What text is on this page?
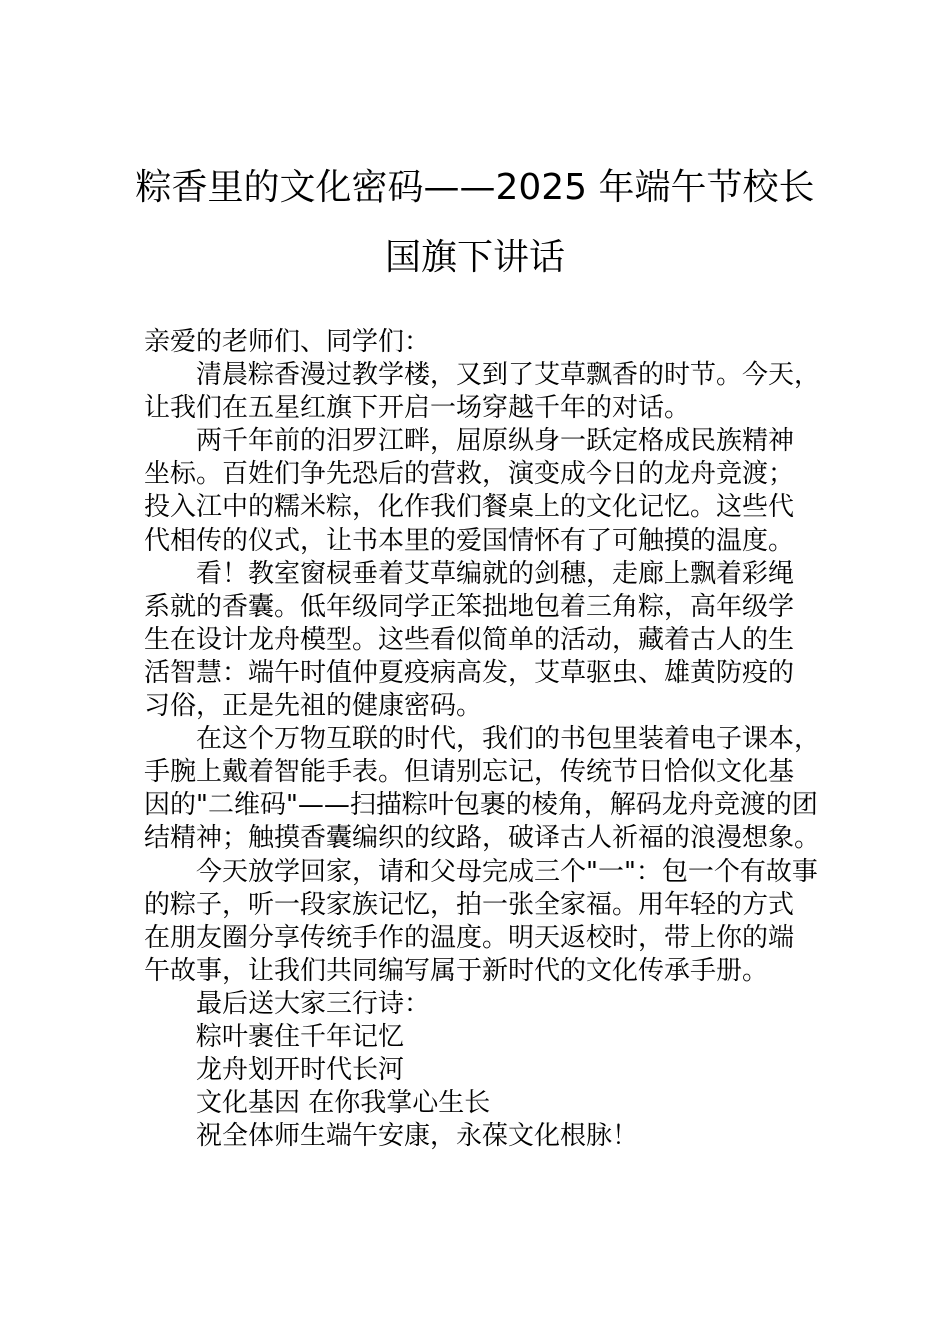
粽香里的文化密码——2025 年端午节校长
国旗下讲话

亲爱的老师们、同学们：

清晨粽香漫过教学楼，又到了艾草飘香的时节。今天，

让我们在五星红旗下开启一场穿越千年的对话。

两千年前的汨罗江畔，屈原纵身一跃定格成民族精神

坐标。百姓们争先恐后的营救，演变成今日的龙舟竞渡；

投入江中的糯米粽，化作我们餐桌上的文化记忆。这些代

代相传的仪式，让书本里的爱国情怀有了可触摸的温度。

看！教室窗棂垂着艾草编就的剑穗，走廊上飘着彩绳

系就的香囊。低年级同学正笨拙地包着三角粽，高年级学

生在设计龙舟模型。这些看似简单的活动，藏着古人的生

活智慧：端午时值仲夏疫病高发，艾草驱虫、雄黄防疫的

习俗，正是先祖的健康密码。

在这个万物互联的时代，我们的书包里装着电子课本，

手腕上戴着智能手表。但请别忘记，传统节日恰似文化基

因的"二维码"——扫描粽叶包裹的棱角，解码龙舟竞渡的团

结精神；触摸香囊编织的纹路，破译古人祈福的浪漫想象。

今天放学回家，请和父母完成三个"一"：包一个有故事

的粽子，听一段家族记忆，拍一张全家福。用年轻的方式

在朋友圈分享传统手作的温度。明天返校时，带上你的端

午故事，让我们共同编写属于新时代的文化传承手册。

最后送大家三行诗：

粽叶裹住千年记忆

龙舟划开时代长河

文化基因 在你我掌心生长

祝全体师生端午安康，永葆文化根脉！
